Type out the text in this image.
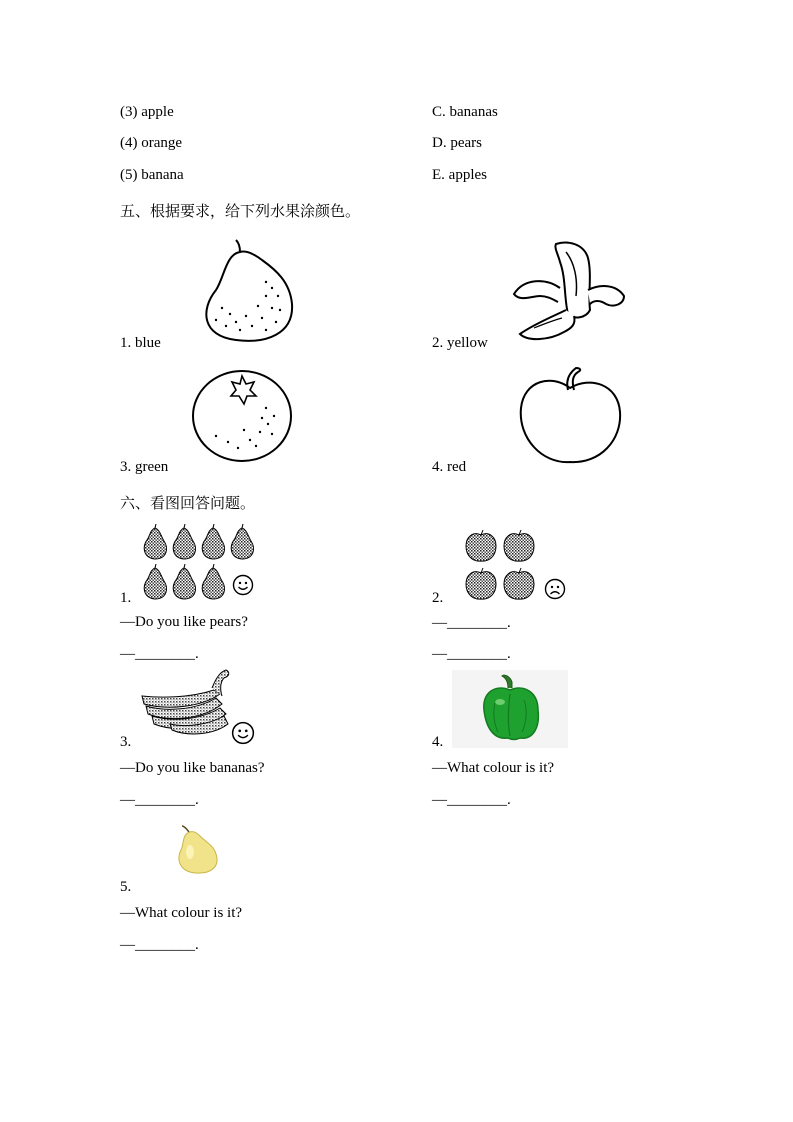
(3) apple
(4) orange
(5) banana
C. bananas
D. pears
E. apples
五、根据要求，给下列水果涂颜色。
1. blue	2. yellow
3. green	4. red
六、看图回答问题。
1.
—Do you like pears?
—________.
2.
—________.
—________.
3.
—Do you like bananas?
—________.
4.
—What colour is it?
—________.
5.
—What colour is it?
—________.
